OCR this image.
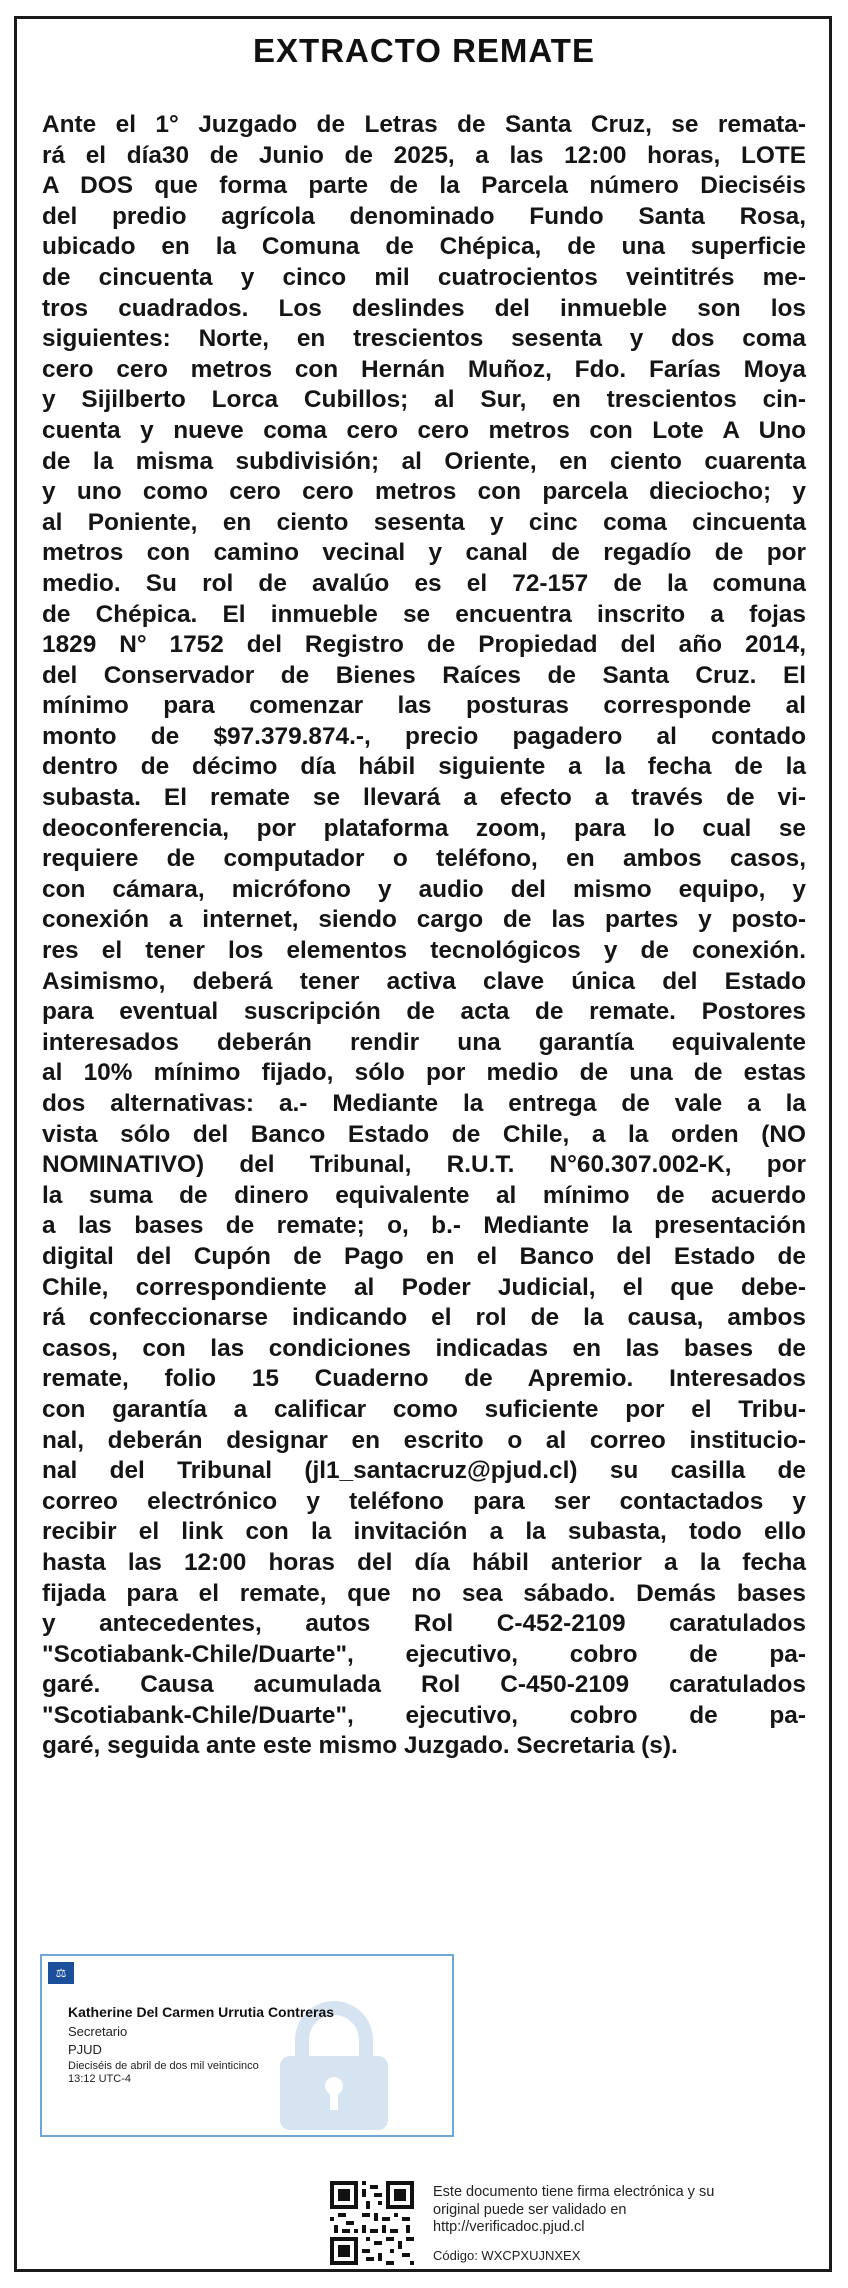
EXTRACTO REMATE

Ante el 1° Juzgado de Letras de Santa Cruz, se remata-

rá el día30 de Junio de 2025, a las 12:00 horas, LOTE

A DOS que forma parte de la Parcela número Dieciséis

del predio agrícola denominado Fundo Santa Rosa,

ubicado en la Comuna de Chépica, de una superficie

de cincuenta y cinco mil cuatrocientos veintitrés me-

tros cuadrados. Los deslindes del inmueble son los

siguientes: Norte, en trescientos sesenta y dos coma

cero cero metros con Hernán Muñoz, Fdo. Farías Moya

y Sijilberto Lorca Cubillos; al Sur, en trescientos cin-

cuenta y nueve coma cero cero metros con Lote A Uno

de la misma subdivisión; al Oriente, en ciento cuarenta

y uno como cero cero metros con parcela dieciocho; y

al Poniente, en ciento sesenta y cinc coma cincuenta

metros con camino vecinal y canal de regadío de por

medio. Su rol de avalúo es el 72-157 de la comuna

de Chépica. El inmueble se encuentra inscrito a fojas

1829 N° 1752 del Registro de Propiedad del año 2014,

del Conservador de Bienes Raíces de Santa Cruz. El

mínimo para comenzar las posturas corresponde al

monto de $97.379.874.-, precio pagadero al contado

dentro de décimo día hábil siguiente a la fecha de la

subasta. El remate se llevará a efecto a través de vi-

deoconferencia, por plataforma zoom, para lo cual se

requiere de computador o teléfono, en ambos casos,

con cámara, micrófono y audio del mismo equipo, y

conexión a internet, siendo cargo de las partes y posto-

res el tener los elementos tecnológicos y de conexión.

Asimismo, deberá tener activa clave única del Estado

para eventual suscripción de acta de remate. Postores

interesados deberán rendir una garantía equivalente

al 10% mínimo fijado, sólo por medio de una de estas

dos alternativas: a.- Mediante la entrega de vale a la

vista sólo del Banco Estado de Chile, a la orden (NO

NOMINATIVO) del Tribunal, R.U.T. N°60.307.002-K, por

la suma de dinero equivalente al mínimo de acuerdo

a las bases de remate; o, b.- Mediante la presentación

digital del Cupón de Pago en el Banco del Estado de

Chile, correspondiente al Poder Judicial, el que debe-

rá confeccionarse indicando el rol de la causa, ambos

casos, con las condiciones indicadas en las bases de

remate, folio 15 Cuaderno de Apremio. Interesados

con garantía a calificar como suficiente por el Tribu-

nal, deberán designar en escrito o al correo institucio-

nal del Tribunal (jl1_santacruz@pjud.cl) su casilla de

correo electrónico y teléfono para ser contactados y

recibir el link con la invitación a la subasta, todo ello

hasta las 12:00 horas del día hábil anterior a la fecha

fijada para el remate, que no sea sábado. Demás bases

y antecedentes, autos Rol C-452-2109 caratulados

"Scotiabank-Chile/Duarte", ejecutivo, cobro de pa-

garé. Causa acumulada Rol C-450-2109 caratulados

"Scotiabank-Chile/Duarte", ejecutivo, cobro de pa-

garé, seguida ante este mismo Juzgado. Secretaria (s).

⚖
Katherine Del Carmen Urrutia Contreras
Secretario
PJUD
Dieciséis de abril de dos mil veinticinco
13:12 UTC-4
Este documento tiene firma electrónica y su original puede ser validado en http://verificadoc.pjud.cl
Código: WXCPXUJNXEX
